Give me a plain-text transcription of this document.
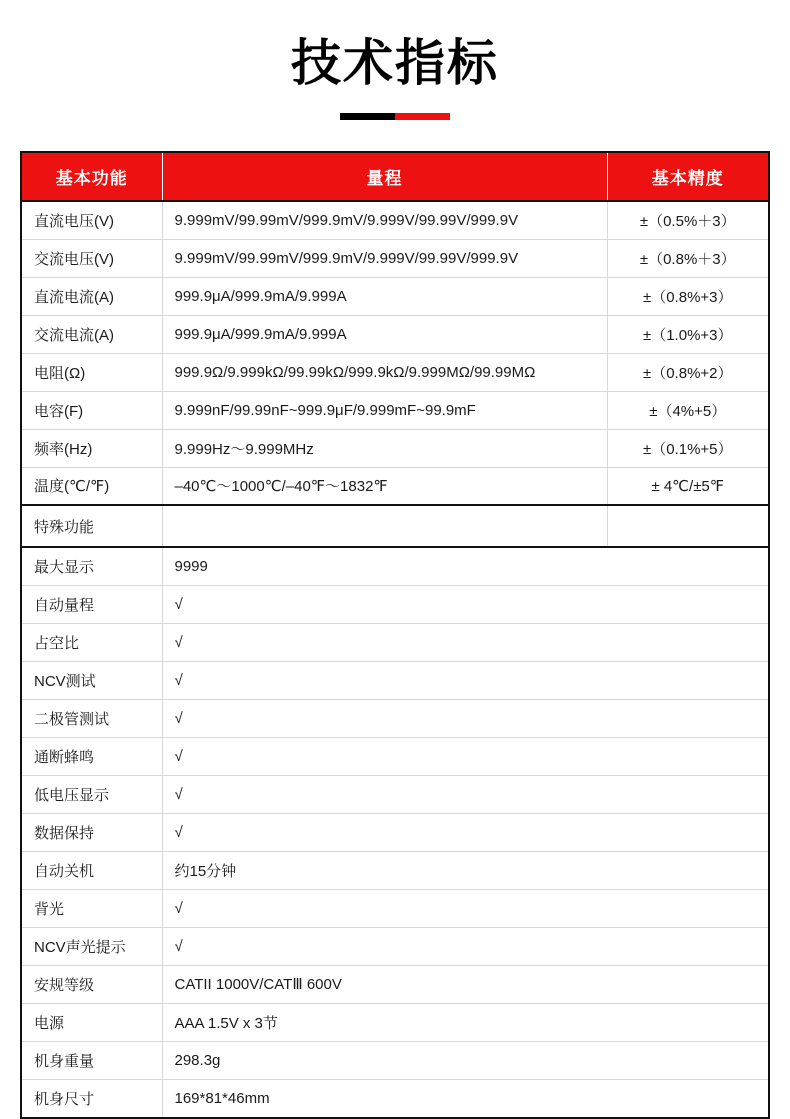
技术指标
基本功能	量程	基本精度
直流电压(V)	9.999mV/99.99mV/999.9mV/9.999V/99.99V/999.9V	±（0.5%＋3）
交流电压(V)	9.999mV/99.99mV/999.9mV/9.999V/99.99V/999.9V	±（0.8%＋3）
直流电流(A)	999.9μA/999.9mA/9.999A	±（0.8%+3）
交流电流(A)	999.9μA/999.9mA/9.999A	±（1.0%+3）
电阻(Ω)	999.9Ω/9.999kΩ/99.99kΩ/999.9kΩ/9.999MΩ/99.99MΩ	±（0.8%+2）
电容(F)	9.999nF/99.99nF~999.9μF/9.999mF~99.9mF	±（4%+5）
频率(Hz)	9.999Hz～9.999MHz	±（0.1%+5）
温度(℃/℉)	–40℃～1000℃/–40℉～1832℉	± 4℃/±5℉
特殊功能		
最大显示	9999	
自动量程	√	
占空比	√	
NCV测试	√	
二极管测试	√	
通断蜂鸣	√	
低电压显示	√	
数据保持	√	
自动关机	约15分钟	
背光	√	
NCV声光提示	√	
安规等级	CATII 1000V/CATⅢ 600V	
电源	AAA 1.5V x 3节	
机身重量	298.3g	
机身尺寸	169*81*46mm	
